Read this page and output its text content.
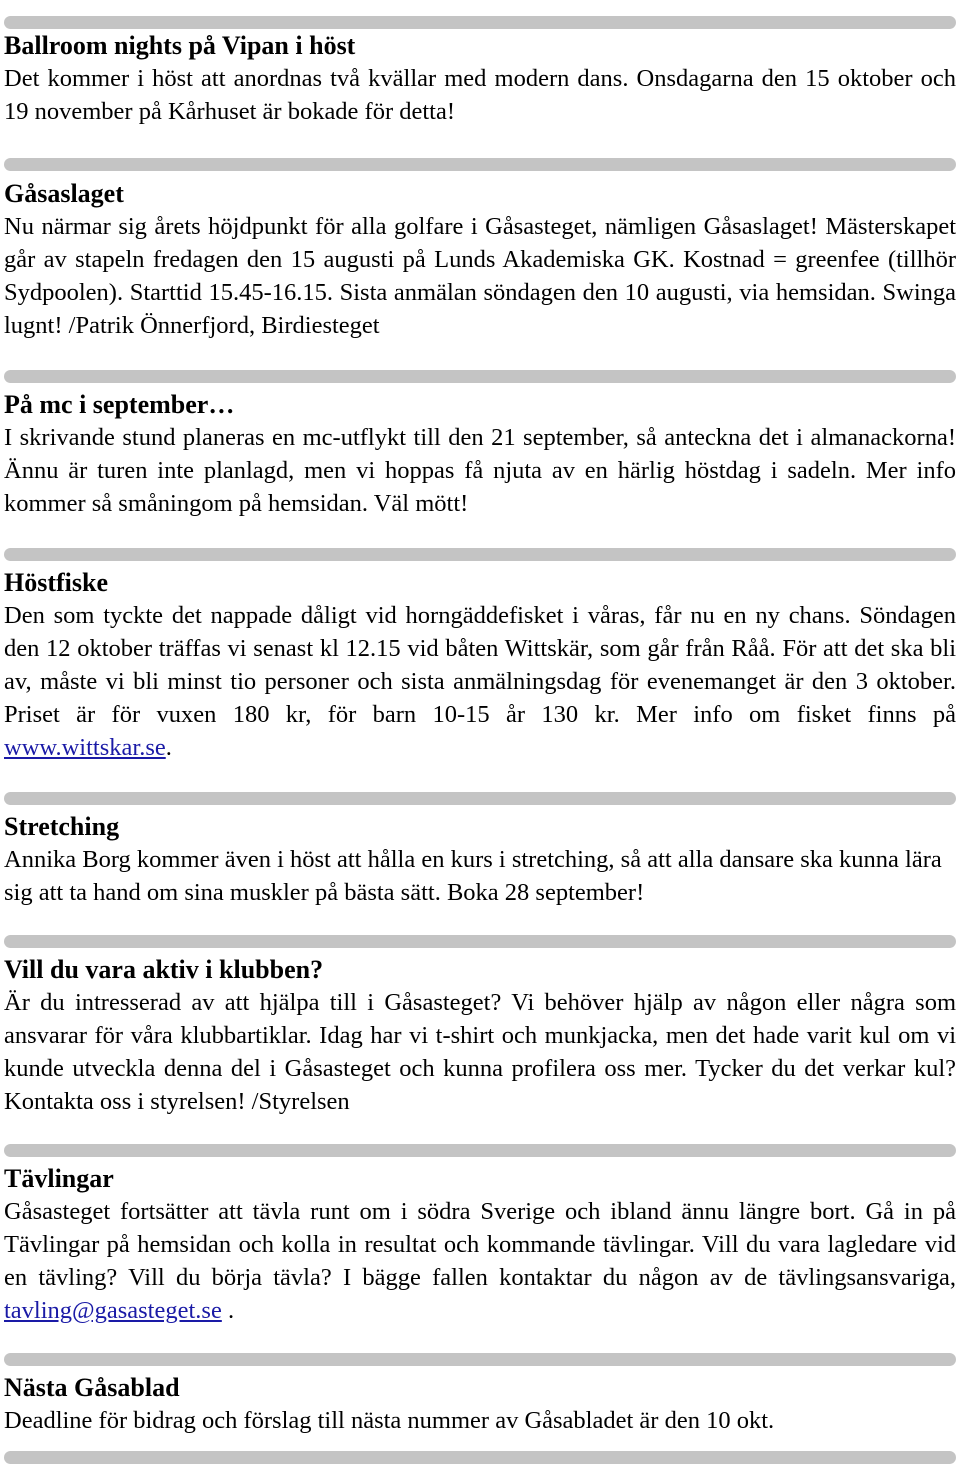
Ballroom nights på Vipan i höst

Det kommer i höst att anordnas två kvällar med modern dans. Onsdagarna den 15 oktober och 19 november på Kårhuset är bokade för detta!

Gåsaslaget

Nu närmar sig årets höjdpunkt för alla golfare i Gåsasteget, nämligen Gåsaslaget! Mästerskapet går av stapeln fredagen den 15 augusti på Lunds Akademiska GK. Kostnad = greenfee (tillhör Sydpoolen). Starttid 15.45-16.15. Sista anmälan söndagen den 10 augusti, via hemsidan. Swinga lugnt! /Patrik Önnerfjord, Birdiesteget

På mc i september…

I skrivande stund planeras en mc-utflykt till den 21 september, så anteckna det i almanackorna! Ännu är turen inte planlagd, men vi hoppas få njuta av en härlig höstdag i sadeln. Mer info kommer så småningom på hemsidan. Väl mött!

Höstfiske

Den som tyckte det nappade dåligt vid horngäddefisket i våras, får nu en ny chans. Söndagen den 12 oktober träffas vi senast kl 12.15 vid båten Wittskär, som går från Råå. För att det ska bli av, måste vi bli minst tio personer och sista anmälningsdag för evenemanget är den 3 oktober. Priset är för vuxen 180 kr, för barn 10-15 år 130 kr. Mer info om fisket finns på www.wittskar.se.

Stretching

Annika Borg kommer även i höst att hålla en kurs i stretching, så att alla dansare ska kunna lära sig att ta hand om sina muskler på bästa sätt. Boka 28 september!

Vill du vara aktiv i klubben?

Är du intresserad av att hjälpa till i Gåsasteget? Vi behöver hjälp av någon eller några som ansvarar för våra klubbartiklar. Idag har vi t-shirt och munkjacka, men det hade varit kul om vi kunde utveckla denna del i Gåsasteget och kunna profilera oss mer. Tycker du det verkar kul? Kontakta oss i styrelsen! /Styrelsen

Tävlingar

Gåsasteget fortsätter att tävla runt om i södra Sverige och ibland ännu längre bort. Gå in på Tävlingar på hemsidan och kolla in resultat och kommande tävlingar. Vill du vara lagledare vid en tävling? Vill du börja tävla? I bägge fallen kontaktar du någon av de tävlingsansvariga, tavling@gasasteget.se .

Nästa Gåsablad

Deadline för bidrag och förslag till nästa nummer av Gåsabladet är den 10 okt.
